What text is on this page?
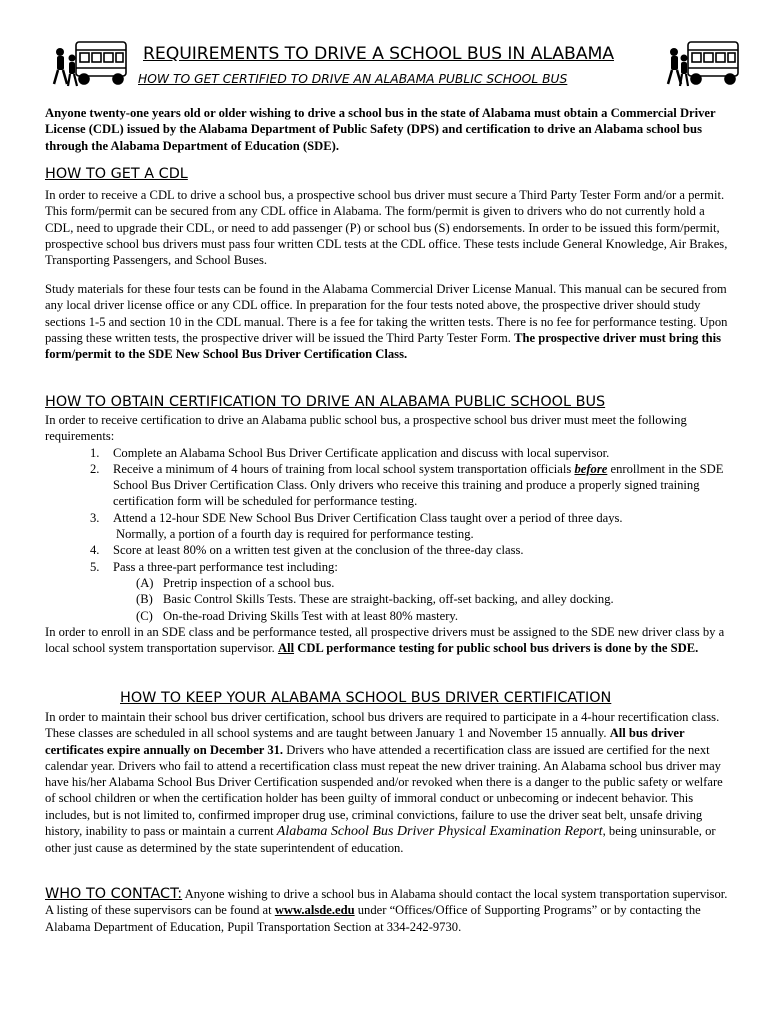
REQUIREMENTS TO DRIVE A SCHOOL BUS IN ALABAMA
HOW TO GET CERTIFIED TO DRIVE AN ALABAMA PUBLIC SCHOOL BUS
Anyone twenty-one years old or older wishing to drive a school bus in the state of Alabama must obtain a Commercial Driver License (CDL) issued by the Alabama Department of Public Safety (DPS) and certification to drive an Alabama school bus through the Alabama Department of Education (SDE).
HOW TO GET A CDL
In order to receive a CDL to drive a school bus, a prospective school bus driver must secure a Third Party Tester Form and/or a permit. This form/permit can be secured from any CDL office in Alabama. The form/permit is given to drivers who do not currently hold a CDL, need to upgrade their CDL, or need to add passenger (P) or school bus (S) endorsements. In order to be issued this form/permit, prospective school bus drivers must pass four written CDL tests at the CDL office. These tests include General Knowledge, Air Brakes, Transporting Passengers, and School Buses.
Study materials for these four tests can be found in the Alabama Commercial Driver License Manual. This manual can be secured from any local driver license office or any CDL office. In preparation for the four tests noted above, the prospective driver should study sections 1-5 and section 10 in the CDL manual. There is a fee for taking the written tests. There is no fee for performance testing. Upon passing these written tests, the prospective driver will be issued the Third Party Tester Form. The prospective driver must bring this form/permit to the SDE New School Bus Driver Certification Class.
HOW TO OBTAIN CERTIFICATION TO DRIVE AN ALABAMA PUBLIC SCHOOL BUS
In order to receive certification to drive an Alabama public school bus, a prospective school bus driver must meet the following requirements:
1. Complete an Alabama School Bus Driver Certificate application and discuss with local supervisor.
2. Receive a minimum of 4 hours of training from local school system transportation officials before enrollment in the SDE School Bus Driver Certification Class. Only drivers who receive this training and produce a properly signed training certification form will be scheduled for performance testing.
3. Attend a 12-hour SDE New School Bus Driver Certification Class taught over a period of three days.
Normally, a portion of a fourth day is required for performance testing.
4. Score at least 80% on a written test given at the conclusion of the three-day class.
5. Pass a three-part performance test including:
(A) Pretrip inspection of a school bus.
(B) Basic Control Skills Tests. These are straight-backing, off-set backing, and alley docking.
(C) On-the-road Driving Skills Test with at least 80% mastery.
In order to enroll in an SDE class and be performance tested, all prospective drivers must be assigned to the SDE new driver class by a local school system transportation supervisor. All CDL performance testing for public school bus drivers is done by the SDE.
HOW TO KEEP YOUR ALABAMA SCHOOL BUS DRIVER CERTIFICATION
In order to maintain their school bus driver certification, school bus drivers are required to participate in a 4-hour recertification class. These classes are scheduled in all school systems and are taught between January 1 and November 15 annually. All bus driver certificates expire annually on December 31. Drivers who have attended a recertification class are issued are certified for the next calendar year. Drivers who fail to attend a recertification class must repeat the new driver training. An Alabama school bus driver may have his/her Alabama School Bus Driver Certification suspended and/or revoked when there is a danger to the public safety or welfare of school children or when the certification holder has been guilty of immoral conduct or unbecoming or indecent behavior. This includes, but is not limited to, confirmed improper drug use, criminal convictions, failure to use the driver seat belt, unsafe driving history, inability to pass or maintain a current Alabama School Bus Driver Physical Examination Report, being uninsurable, or other just cause as determined by the state superintendent of education.
WHO TO CONTACT: Anyone wishing to drive a school bus in Alabama should contact the local system transportation supervisor. A listing of these supervisors can be found at www.alsde.edu under “Offices/Office of Supporting Programs” or by contacting the Alabama Department of Education, Pupil Transportation Section at 334-242-9730.
